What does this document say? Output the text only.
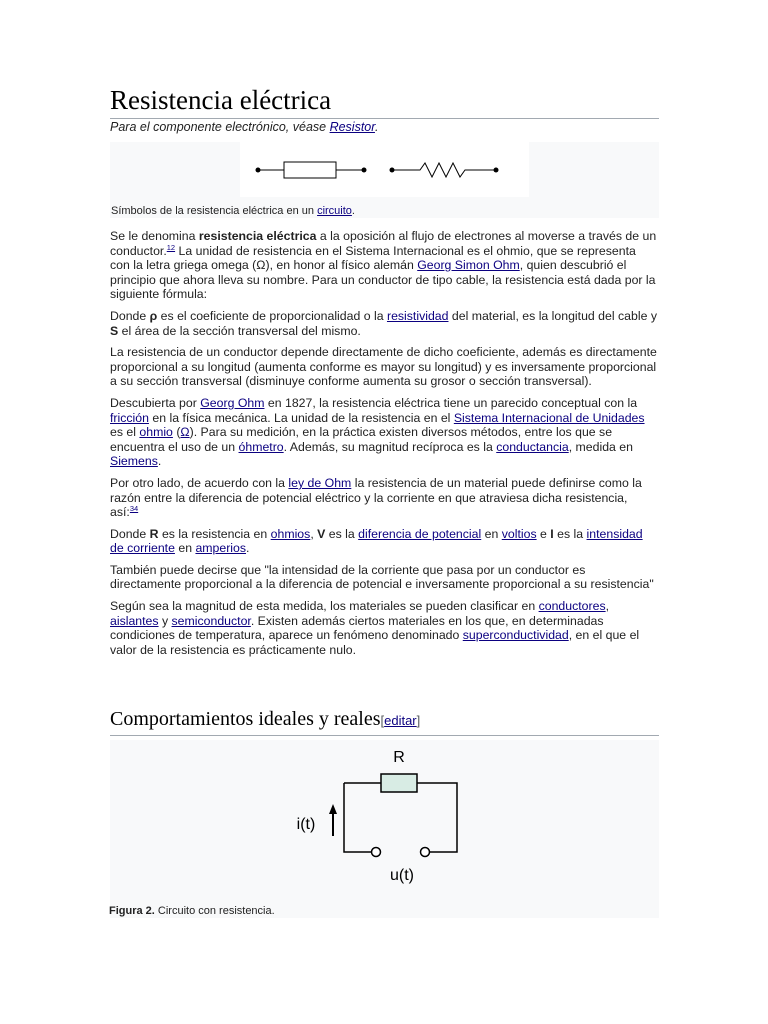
Resistencia eléctrica
Para el componente electrónico, véase Resistor.
Símbolos de la resistencia eléctrica en un circuito.

Se le denomina resistencia eléctrica a la oposición al flujo de electrones al moverse a través de un conductor.$^{12}$ La unidad de resistencia en el Sistema Internacional es el ohmio, que se representa con la letra griega omega (Ω), en honor al físico alemán Georg Simon Ohm, quien descubrió el principio que ahora lleva su nombre. Para un conductor de tipo cable, la resistencia está dada por la siguiente fórmula:

Donde ρ es el coeficiente de proporcionalidad o la resistividad del material, es la longitud del cable y S el área de la sección transversal del mismo.

La resistencia de un conductor depende directamente de dicho coeficiente, además es directamente proporcional a su longitud (aumenta conforme es mayor su longitud) y es inversamente proporcional a su sección transversal (disminuye conforme aumenta su grosor o sección transversal).

Descubierta por Georg Ohm en 1827, la resistencia eléctrica tiene un parecido conceptual con la fricción en la física mecánica. La unidad de la resistencia en el Sistema Internacional de Unidades es el ohmio (Ω). Para su medición, en la práctica existen diversos métodos, entre los que se encuentra el uso de un óhmetro. Además, su magnitud recíproca es la conductancia, medida en Siemens.

Por otro lado, de acuerdo con la ley de Ohm la resistencia de un material puede definirse como la razón entre la diferencia de potencial eléctrico y la corriente en que atraviesa dicha resistencia, así:$^{34}$

Donde R es la resistencia en ohmios, V es la diferencia de potencial en voltios e I es la intensidad de corriente en amperios.

También puede decirse que "la intensidad de la corriente que pasa por un conductor es directamente proporcional a la diferencia de potencial e inversamente proporcional a su resistencia"

Según sea la magnitud de esta medida, los materiales se pueden clasificar en conductores, aislantes y semiconductor. Existen además ciertos materiales en los que, en determinadas condiciones de temperatura, aparece un fenómeno denominado superconductividad, en el que el valor de la resistencia es prácticamente nulo.

Comportamientos ideales y reales[editar]
R
i(t)
u(t)
Figura 2. Circuito con resistencia.
